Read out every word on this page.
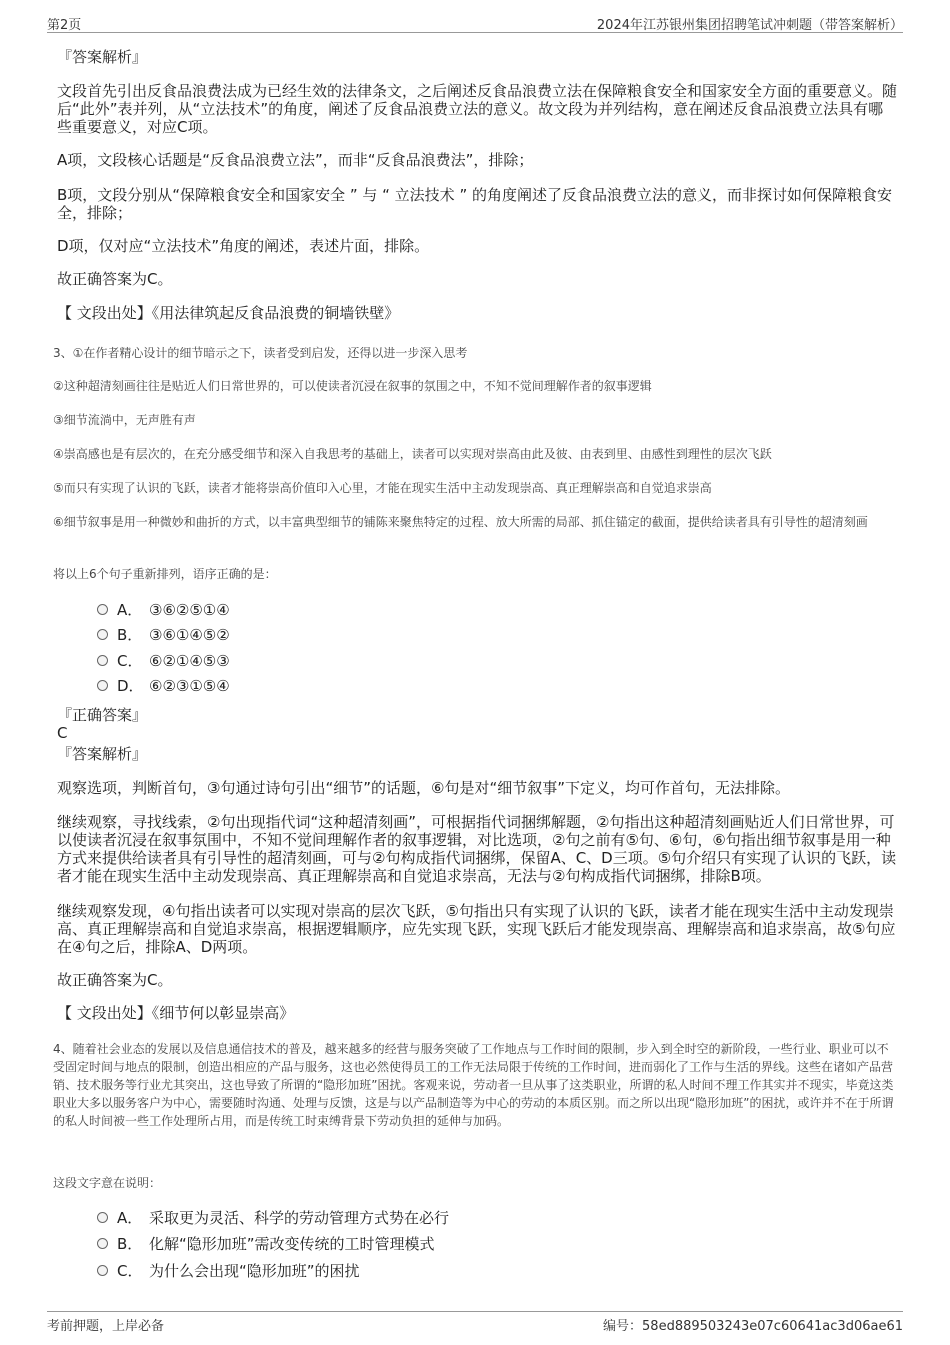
第2页	2024年江苏银州集团招聘笔试冲刺题（带答案解析）
『答案解析』
文段首先引出反食品浪费法成为已经生效的法律条文，之后阐述反食品浪费立法在保障粮食安全和国家安全方面的重要意义。随后“此外”表并列，从“立法技术”的角度，阐述了反食品浪费立法的意义。故文段为并列结构，意在阐述反食品浪费立法具有哪些重要意义，对应C项。
A项，文段核心话题是“反食品浪费立法”，而非“反食品浪费法”，排除；
B项，文段分别从“保障粮食安全和国家安全 ” 与 “ 立法技术 ” 的角度阐述了反食品浪费立法的意义，而非探讨如何保障粮食安全，排除；
D项，仅对应“立法技术”角度的阐述，表述片面，排除。
故正确答案为C。
【 文段出处】《用法律筑起反食品浪费的铜墙铁壁》
3、①在作者精心设计的细节暗示之下，读者受到启发，还得以进一步深入思考
②这种超清刻画往往是贴近人们日常世界的，可以使读者沉浸在叙事的氛围之中，不知不觉间理解作者的叙事逻辑
③细节流淌中，无声胜有声
④崇高感也是有层次的，在充分感受细节和深入自我思考的基础上，读者可以实现对崇高由此及彼、由表到里、由感性到理性的层次飞跃
⑤而只有实现了认识的飞跃，读者才能将崇高价值印入心里，才能在现实生活中主动发现崇高、真正理解崇高和自觉追求崇高
⑥细节叙事是用一种微妙和曲折的方式，以丰富典型细节的铺陈来聚焦特定的过程、放大所需的局部、抓住锚定的截面，提供给读者具有引导性的超清刻画
将以上6个句子重新排列，语序正确的是：
A． ③⑥②⑤①④
B． ③⑥①④⑤②
C． ⑥②①④⑤③
D． ⑥②③①⑤④
『正确答案』
C
『答案解析』
观察选项，判断首句，③句通过诗句引出“细节”的话题，⑥句是对“细节叙事”下定义，均可作首句，无法排除。
继续观察，寻找线索，②句出现指代词“这种超清刻画”，可根据指代词捆绑解题，②句指出这种超清刻画贴近人们日常世界，可以使读者沉浸在叙事氛围中，不知不觉间理解作者的叙事逻辑，对比选项，②句之前有⑤句、⑥句，⑥句指出细节叙事是用一种方式来提供给读者具有引导性的超清刻画，可与②句构成指代词捆绑，保留A、C、D三项。⑤句介绍只有实现了认识的飞跃，读者才能在现实生活中主动发现崇高、真正理解崇高和自觉追求崇高，无法与②句构成指代词捆绑，排除B项。
继续观察发现，④句指出读者可以实现对崇高的层次飞跃，⑤句指出只有实现了认识的飞跃，读者才能在现实生活中主动发现崇高、真正理解崇高和自觉追求崇高，根据逻辑顺序，应先实现飞跃，实现飞跃后才能发现崇高、理解崇高和追求崇高，故⑤句应在④句之后，排除A、D两项。
故正确答案为C。
【 文段出处】《细节何以彰显崇高》
4、随着社会业态的发展以及信息通信技术的普及，越来越多的经营与服务突破了工作地点与工作时间的限制，步入到全时空的新阶段，一些行业、职业可以不受固定时间与地点的限制，创造出相应的产品与服务，这也必然使得员工的工作无法局限于传统的工作时间，进而弱化了工作与生活的界线。这些在诸如产品营销、技术服务等行业尤其突出，这也导致了所谓的“隐形加班”困扰。客观来说，劳动者一旦从事了这类职业，所谓的私人时间不理工作其实并不现实，毕竟这类职业大多以服务客户为中心，需要随时沟通、处理与反馈，这是与以产品制造等为中心的劳动的本质区别。而之所以出现“隐形加班”的困扰，或许并不在于所谓的私人时间被一些工作处理所占用，而是传统工时束缚背景下劳动负担的延伸与加码。
这段文字意在说明：
A． 采取更为灵活、科学的劳动管理方式势在必行
B． 化解“隐形加班”需改变传统的工时管理模式
C． 为什么会出现“隐形加班”的困扰
考前押题，上岸必备	编号：58ed889503243e07c60641ac3d06ae61
